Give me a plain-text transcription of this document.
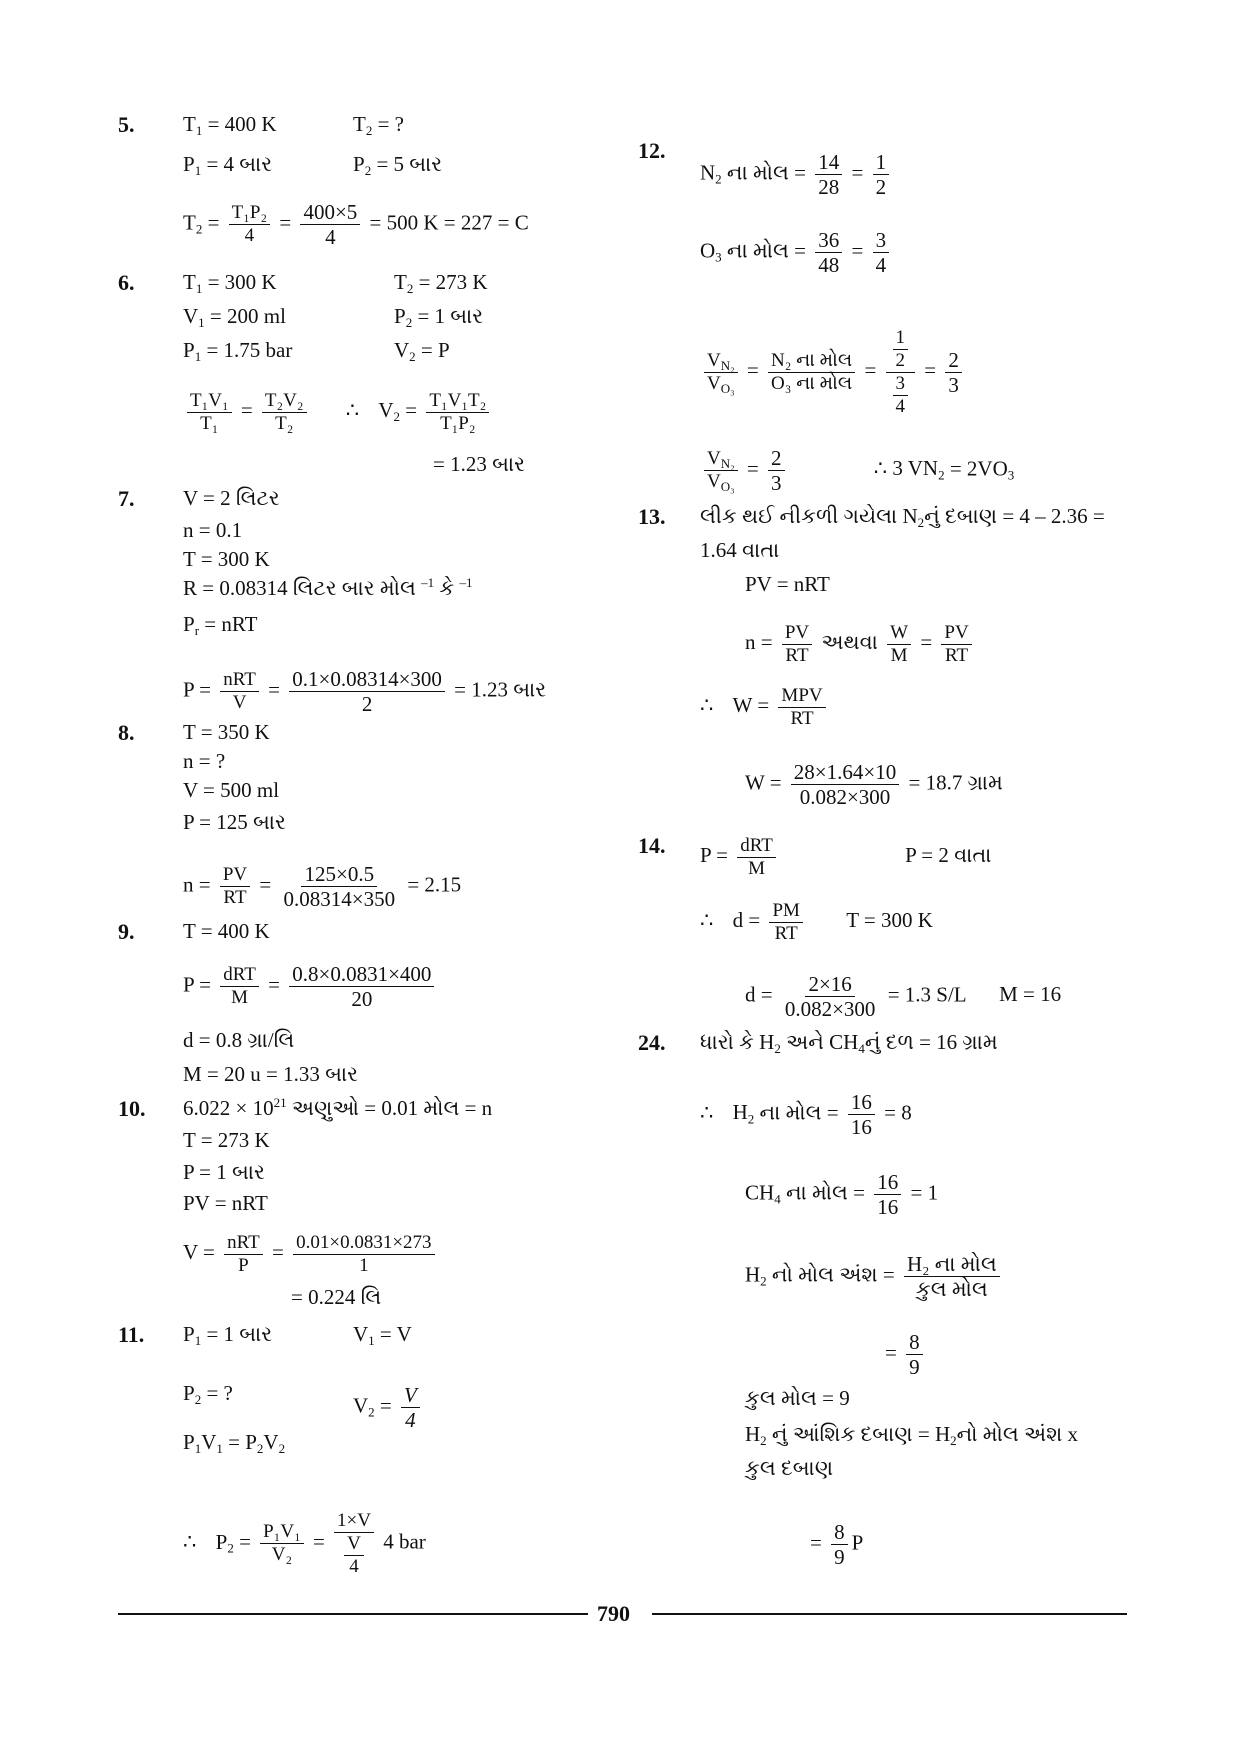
5. $T_1 = 400$ K	$T_2$ = ?
$P_1 = 4$ બાર	$P_2 = 5$ બાર
$T_2 = \frac{\text{T₁P₂}}{4} = \frac{400\times 5}{4} = 500$ K = 227 = C
6. $T_1 = 300$ K	$T_2 = 273$ K
$V_1 = 200$ ml	$P_2 = 1$ બાર
$P_1 = 1.75$ bar	$V_2 = P$
$\frac{\text{T₁V₁}}{\text{T₁}} = \frac{\text{T₂V₂}}{\text{T₂}}$ ∴ $V_2 = \frac{\text{T₁V₁T₂}}{\text{T₁P₂}}$
= 1.23 બાર
7. V = 2 લિટર
n = 0.1
T = 300 K
R = 0.08314 લિટર બાર મોલ $^{-1}$ કે $^{-1}$
$P_r$ = nRT
$P = \frac{\text{nRT}}{V} = \frac{0.1\times 0.08314\times 300}{2} = 1.23$ બાર
8. T = 350 K
n = ?
V = 500 ml
P = 125 બાર
$n = \frac{PV}{RT} = \frac{125\times 0.5}{0.08314\times 350} = 2.15$
9. T = 400 K
$P = \frac{\text{dRT}}{M} = \frac{0.8\times 0.0831\times 400}{20}$
d = 0.8 ગ્રા/લિ
M = 20 u = 1.33 બાર
10. $6.022 \times 10^{21}$ અણુઓ = 0.01 મોલ = n
T = 273 K
P = 1 બાર
PV = nRT
$V = \frac{\text{nRT}}{P} = \frac{0.01\times 0.0831\times 273}{1}$
= 0.224 લિ
11. $P_1 = 1$ બાર	$V_1 = V$
$P_2$ = ?
$V_2 = \frac{V}{4}$
$P_1V_1 = P_2V_2$
∴ $P_2 = \frac{\text{P₁V₁}}{\text{V₂}} = \frac{1\times V}{\frac{V}{4}} 4$ bar
12.
$N_2$ ના મોલ = $\frac{14}{28} = \frac{1}{2}$
$O_3$ ના મોલ = $\frac{36}{48} = \frac{3}{4}$
$\frac{V_{N_2}}{V_{O_3}} = \frac{\text{N₂ ના મોલ}}{\text{O₃ ના મોલ}} = \frac{\frac{1}{2}}{\frac{3}{4}} = \frac{2}{3}$
$\frac{V_{N_2}}{V_{O_3}} = \frac{2}{3}$	∴ 3 $VN_2 = 2VO_3$
13. લીક થઈ નીકળી ગયેલા $N_2નું$ દબાણ = 4 – 2.36 =
1.64 વાતા
PV = nRT
$n = \frac{PV}{RT}$ અથવા $\frac{W}{M} = \frac{PV}{RT}$
∴ $W = \frac{\text{MPV}}{RT}$
$W = \frac{28\times 1.64\times 10}{0.082\times 300} = 18.7$ ગ્રામ
14. $P = \frac{\text{dRT}}{M}$	P = 2 વાતા
∴ $d = \frac{PM}{RT}$ T = 300 K
$d = \frac{2\times 16}{0.082\times 300} = 1.3$ S/L M = 16
24. ધારો કે $H_2$ અને $CH_4નું$ દળ = 16 ગ્રામ
∴ $H_2$ ના મોલ = $\frac{16}{16} = 8$
$CH_4$ ના મોલ = $\frac{16}{16} = 1$
$H_2$ નો મોલ અંશ = $\frac{\text{H₂ ના મોલ}}{\text{કુલ મોલ}}$
= $\frac{8}{9}$
કુલ મોલ = 9
$H_2$ નું આંશિક દબાણ = $H_2નો$ મોલ અંશ x
કુલ દબાણ
= $\frac{8}{9}$ P
790
